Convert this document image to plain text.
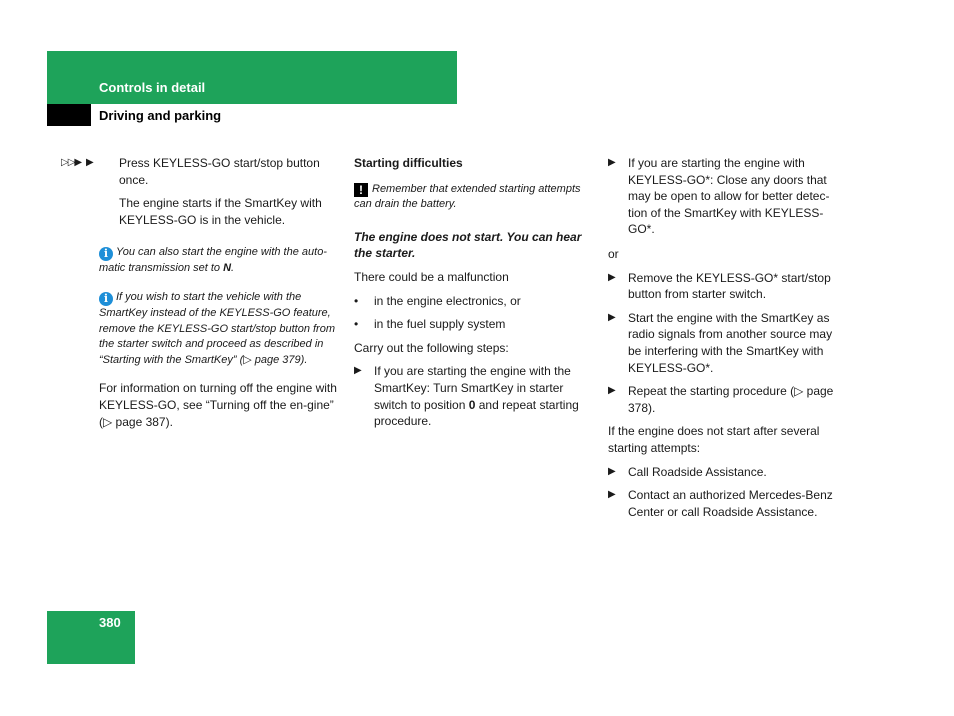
Controls in detail
Driving and parking
▷▷▶ ▶ Press KEYLESS-GO start/stop button once.

The engine starts if the SmartKey with KEYLESS-GO is in the vehicle.

i You can also start the engine with the auto-matic transmission set to N.

i If you wish to start the vehicle with the SmartKey instead of the KEYLESS-GO feature, remove the KEYLESS-GO start/stop button from the starter switch and proceed as described in “Starting with the SmartKey” (▷ page 379).

For information on turning off the engine with KEYLESS-GO, see “Turning off the en-gine” (▷ page 387).

Starting difficulties

! Remember that extended starting attempts can drain the battery.

The engine does not start. You can hear the starter.

There could be a malfunction

• in the engine electronics, or
• in the fuel supply system

Carry out the following steps:

▶ If you are starting the engine with the SmartKey: Turn SmartKey in starter switch to position 0 and repeat starting procedure.
▶ If you are starting the engine with KEYLESS-GO*: Close any doors that may be open to allow for better detec-tion of the SmartKey with KEYLESS-GO*.

or

▶ Remove the KEYLESS-GO* start/stop button from starter switch.
▶ Start the engine with the SmartKey as radio signals from another source may be interfering with the SmartKey with KEYLESS-GO*.
▶ Repeat the starting procedure (▷ page 378).

If the engine does not start after several starting attempts:

▶ Call Roadside Assistance.
▶ Contact an authorized Mercedes-Benz Center or call Roadside Assistance.
380
